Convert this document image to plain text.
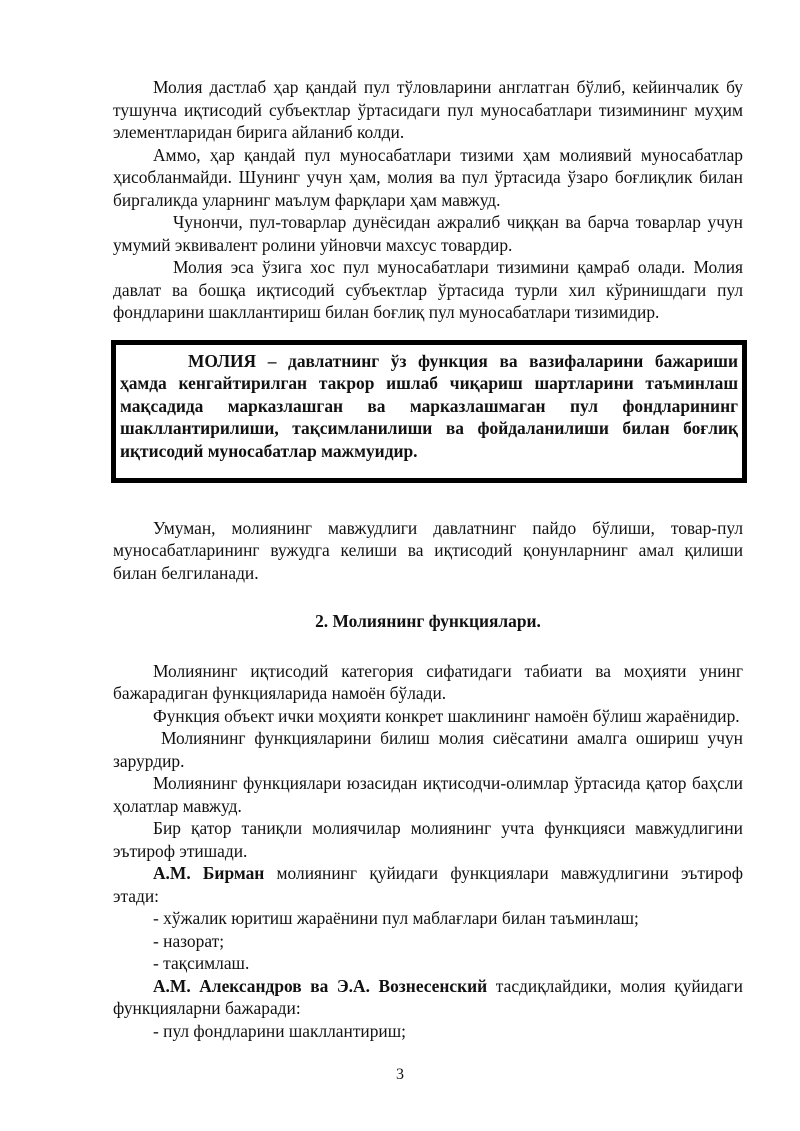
Молия дастлаб ҳар қандай пул тўловларини англатган бўлиб, кейинчалик бу тушунча иқтисодий субъектлар ўртасидаги пул муносабатлари тизимининг муҳим элементларидан бирига айланиб колди.

Аммо, ҳар қандай пул муносабатлари тизими ҳам молиявий муносабатлар ҳисобланмайди. Шунинг учун ҳам, молия ва пул ўртасида ўзаро боғлиқлик билан биргаликда уларнинг маълум фарқлари ҳам мавжуд.

Чунончи, пул-товарлар дунёсидан ажралиб чиққан ва барча товарлар учун умумий эквивалент ролини уйновчи махсус товардир.

Молия эса ўзига хос пул муносабатлари тизимини қамраб олади. Молия давлат ва бошқа иқтисодий субъектлар ўртасида турли хил кўринишдаги пул фондларини шакллантириш билан боғлиқ пул муносабатлари тизимидир.

МОЛИЯ – давлатнинг ўз функция ва вазифаларини бажариши ҳамда кенгайтирилган такрор ишлаб чиқариш шартларини таъминлаш мақсадида марказлашган ва марказлашмаган пул фондларининг шакллантирилиши, тақсимланилиши ва фойдаланилиши билан боғлиқ иқтисодий муносабатлар мажмуидир.

Умуман, молиянинг мавжудлиги давлатнинг пайдо бўлиши, товар-пул муносабатларининг вужудга келиши ва иқтисодий қонунларнинг амал қилиши билан белгиланади.

2. Молиянинг функциялари.

Молиянинг иқтисодий категория сифатидаги табиати ва моҳияти унинг бажарадиган функцияларида намоён бўлади.

Функция объект ички моҳияти конкрет шаклининг намоён бўлиш жараёнидир.

Молиянинг функцияларини билиш молия сиёсатини амалга ошириш учун зарурдир.

Молиянинг функциялари юзасидан иқтисодчи-олимлар ўртасида қатор баҳсли ҳолатлар мавжуд.

Бир қатор таниқли молиячилар молиянинг учта функцияси мавжудлигини эътироф этишади.

А.М. Бирман молиянинг қуйидаги функциялари мавжудлигини эътироф этади:

- хўжалик юритиш жараёнини пул маблағлари билан таъминлаш;

- назорат;

- тақсимлаш.

А.М. Александров ва Э.А. Вознесенский тасдиқлайдики, молия қуйидаги функцияларни бажаради:

- пул фондларини шакллантириш;

3
